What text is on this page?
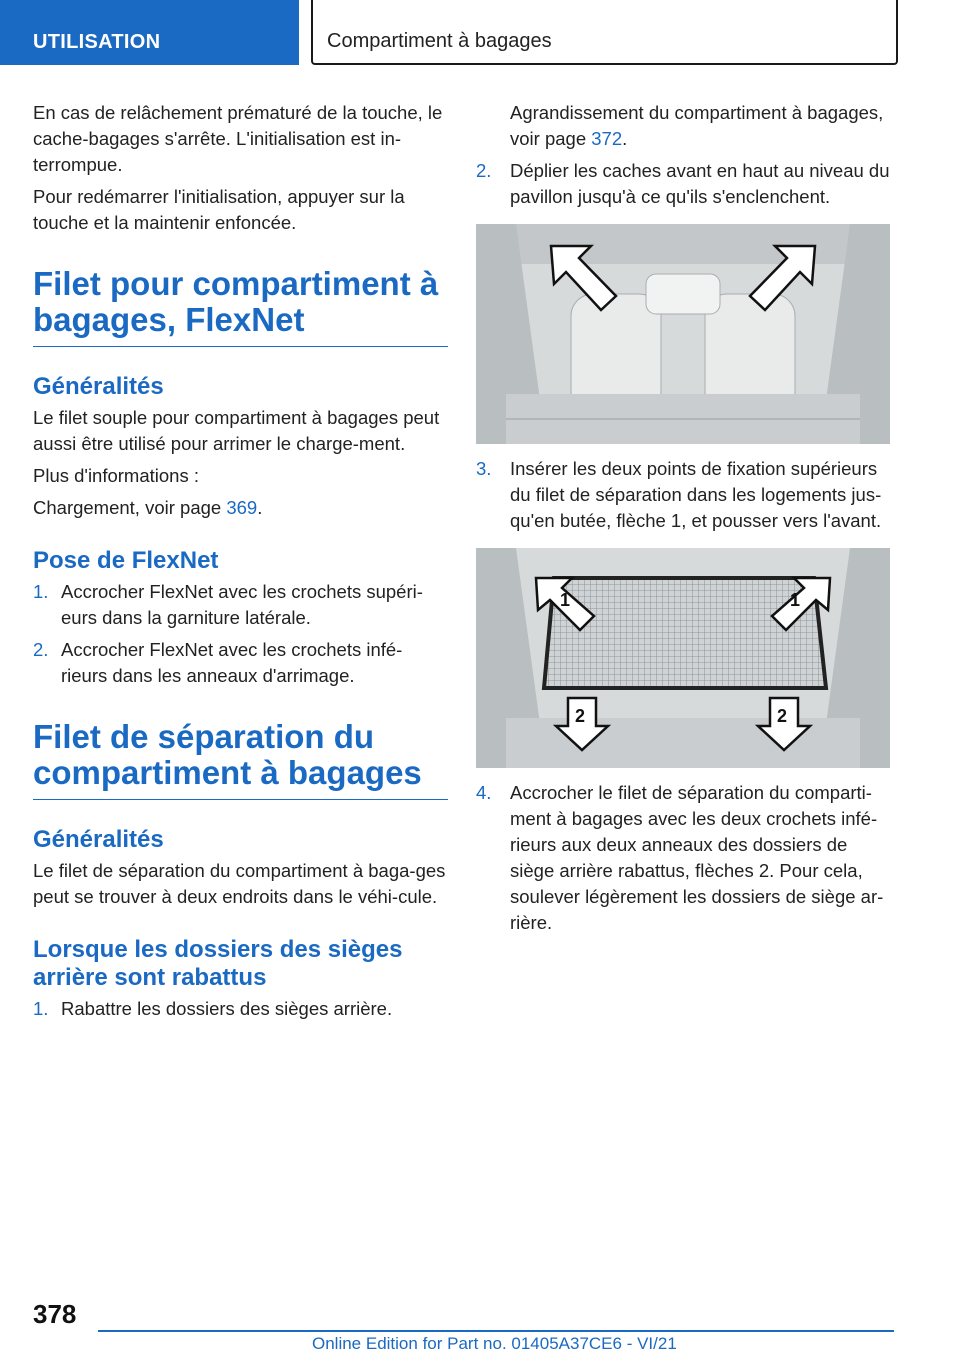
UTILISATION	Compartiment à bagages

En cas de relâchement prématuré de la touche, le cache-bagages s'arrête. L'initialisation est in-terrompue.

Pour redémarrer l'initialisation, appuyer sur la touche et la maintenir enfoncée.

Filet pour compartiment à bagages, FlexNet
Généralités

Le filet souple pour compartiment à bagages peut aussi être utilisé pour arrimer le charge-ment.

Plus d'informations :

Chargement, voir page 369.

Pose de FlexNet
1. Accrocher FlexNet avec les crochets supéri-eurs dans la garniture latérale.
2. Accrocher FlexNet avec les crochets infé-rieurs dans les anneaux d'arrimage.
Filet de séparation du compartiment à bagages
Généralités

Le filet de séparation du compartiment à baga-ges peut se trouver à deux endroits dans le véhi-cule.

Lorsque les dossiers des sièges arrière sont rabattus
1. Rabattre les dossiers des sièges arrière.

Agrandissement du compartiment à bagages, voir page 372.

2. Déplier les caches avant en haut au niveau du pavillon jusqu'à ce qu'ils s'enclenchent.
3. Insérer les deux points de fixation supérieurs du filet de séparation dans les logements jus-qu'en butée, flèche 1, et pousser vers l'avant.
1	1
2	2
4. Accrocher le filet de séparation du comparti-ment à bagages avec les deux crochets infé-rieurs aux deux anneaux des dossiers de siège arrière rabattus, flèches 2. Pour cela, soulever légèrement les dossiers de siège ar-rière.
378
Online Edition for Part no. 01405A37CE6 - VI/21
